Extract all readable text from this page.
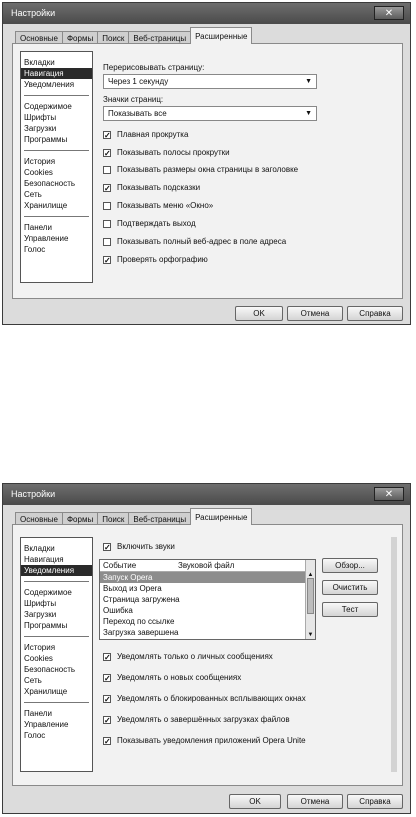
Настройки	✕
Основные	Формы	Поиск	Веб-страницы	Расширенные
Вкладки
Навигация
Уведомления
Содержимое
Шрифты
Загрузки
Программы
История
Cookies
Безопасность
Сеть
Хранилище
Панели
Управление
Голос
Перерисовывать страницу:
Через 1 секунду	▼
Значки страниц:
Показывать все	▼
✓ Плавная прокрутка
✓ Показывать полосы прокрутки
Показывать размеры окна страницы в заголовке
✓ Показывать подсказки
Показывать меню «Окно»
Подтверждать выход
Показывать полный веб-адрес в поле адреса
✓ Проверять орфографию
OK	Отмена	Справка
Настройки	✕
Основные	Формы	Поиск	Веб-страницы	Расширенные
Вкладки
Навигация
Уведомления
Содержимое
Шрифты
Загрузки
Программы
История
Cookies
Безопасность
Сеть
Хранилище
Панели
Управление
Голос
✓ Включить звуки
Обзор...
Очистить
Тест
✓ Уведомлять только о личных сообщениях
✓ Уведомлять о новых сообщениях
✓ Уведомлять о блокированных всплывающих окнах
✓ Уведомлять о завершённых загрузках файлов
✓ Показывать уведомления приложений Opera Unite
OK	Отмена	Справка
Событие	Звуковой файл
Запуск Opera
Выход из Opera
Страница загружена
Ошибка
Переход по ссылке
Загрузка завершена
▲
▼
